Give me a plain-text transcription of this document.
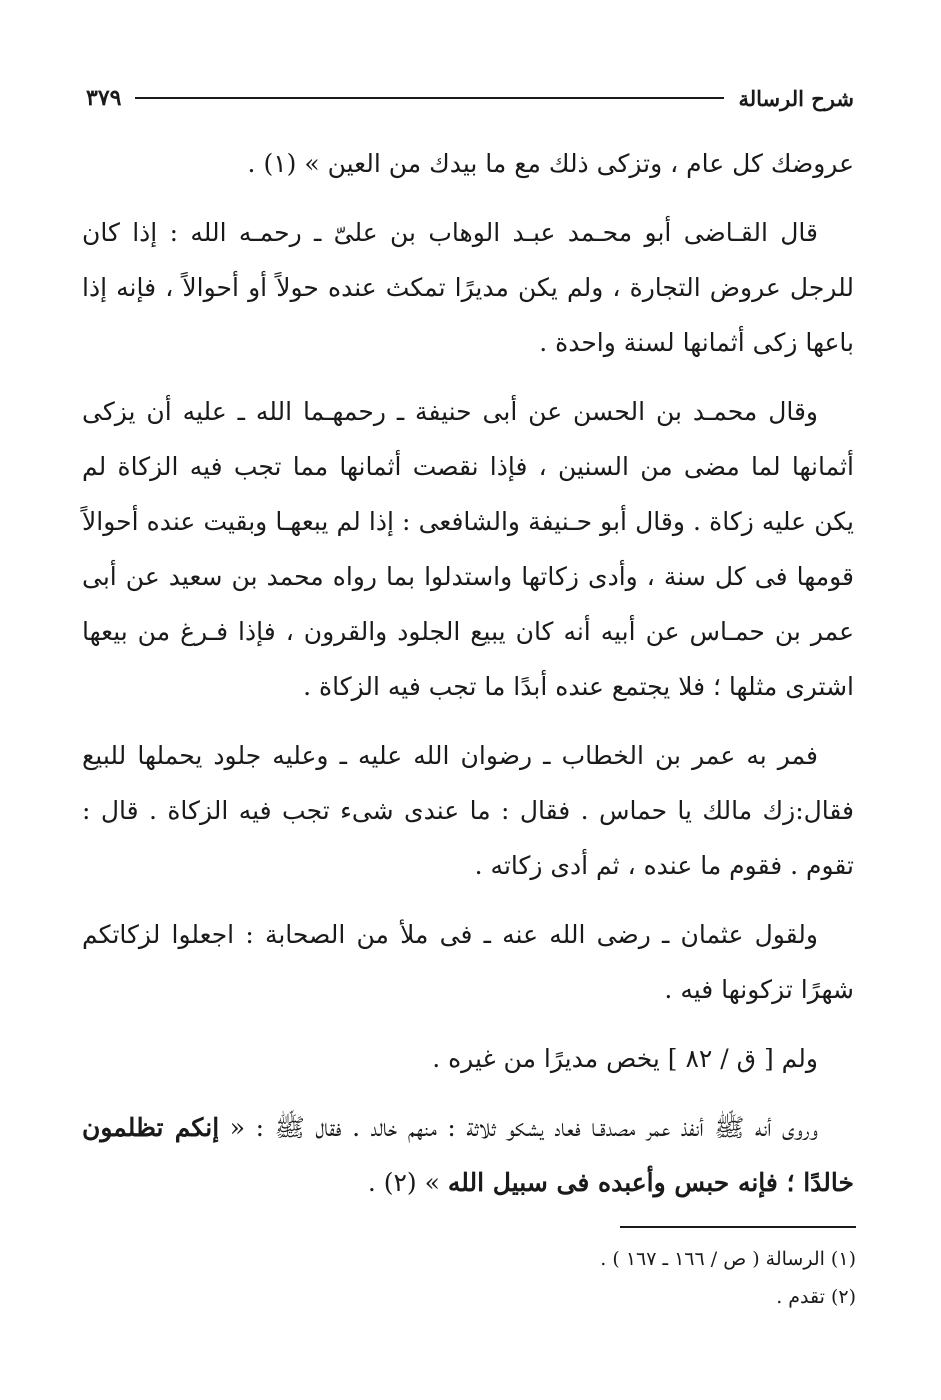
شرح الرسالة
٣٧٩

عروضك كل عام ، وتزكى ذلك مع ما بيدك من العين » (١) .

قال القـاضى أبو محـمد عبـد الوهاب بن علىّ ـ رحمـه الله : إذا كان للرجل عروض التجارة ، ولم يكن مديرًا تمكث عنده حولاً أو أحوالاً ، فإنه إذا باعها زكى أثمانها لسنة واحدة .

وقال محمـد بن الحسن عن أبى حنيفة ـ رحمهـما الله ـ عليه أن يزكى أثمانها لما مضى من السنين ، فإذا نقصت أثمانها مما تجب فيه الزكاة لم يكن عليه زكاة . وقال أبو حـنيفة والشافعى : إذا لم يبعهـا وبقيت عنده أحوالاً قومها فى كل سنة ، وأدى زكاتها واستدلوا بما رواه محمد بن سعيد عن أبى عمر بن حمـاس عن أبيه أنه كان يبيع الجلود والقرون ، فإذا فـرغ من بيعها اشترى مثلها ؛ فلا يجتمع عنده أبدًا ما تجب فيه الزكاة .

فمر به عمر بن الخطاب ـ رضوان الله عليه ـ وعليه جلود يحملها للبيع فقال:زك مالك يا حماس . فقال : ما عندى شىء تجب فيه الزكاة . قال : تقوم . فقوم ما عنده ، ثم أدى زكاته .

ولقول عثمان ـ رضى الله عنه ـ فى ملأ من الصحابة : اجعلوا لزكاتكم شهرًا تزكونها فيه .

ولم [ ق / ٨٢ ] يخص مديرًا من غيره .

وروى أنه ﷺ أنفذ عمر مصدقـا فعاد يشكو ثلاثة : منهم خالد . فقال ﷺ : « إنكم تظلمون خالدًا ؛ فإنه حبس وأعبده فى سبيل الله » (٢) .

(١) الرسالة ( ص / ١٦٦ ـ ١٦٧ ) .

(٢) تقدم .
